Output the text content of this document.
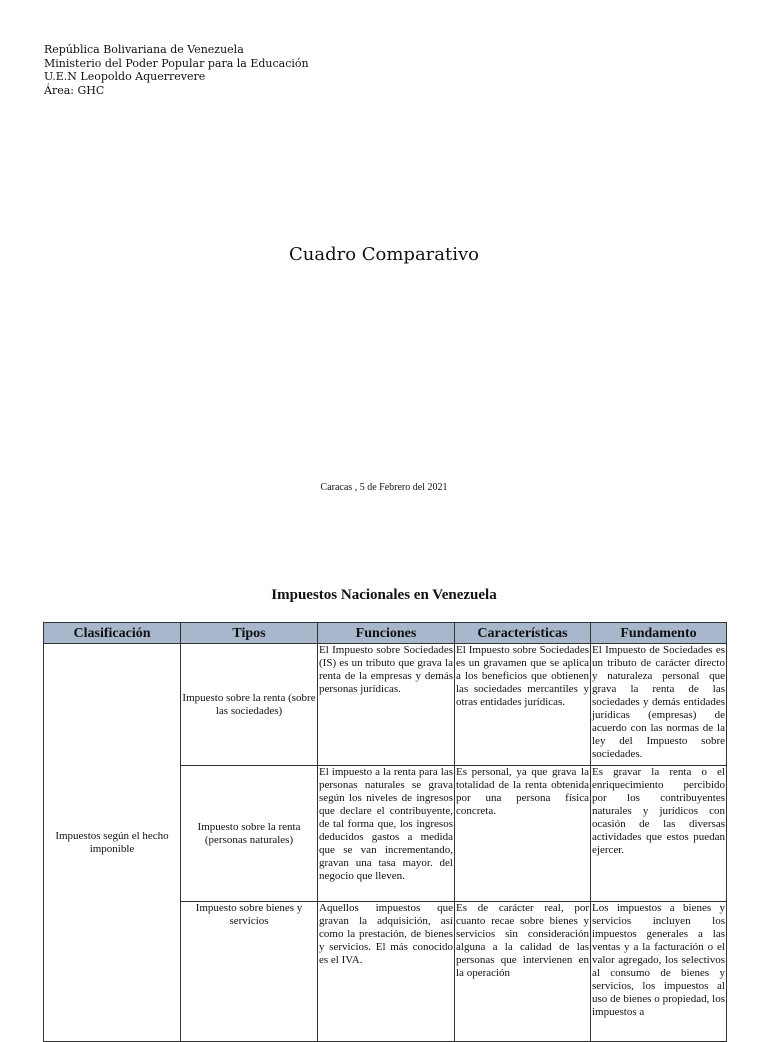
República Bolivariana de Venezuela
Ministerio del Poder Popular para la Educación
U.E.N Leopoldo Aquerrevere
Área: GHC
Cuadro Comparativo
Caracas , 5 de Febrero del 2021
Impuestos Nacionales en Venezuela
Clasificación	Tipos	Funciones	Características	Fundamento

Impuestos según el hecho imponible	Impuesto sobre la renta (sobre las sociedades)	El Impuesto sobre Sociedades (IS) es un tributo que grava la renta de la empresas y demás personas jurídicas.	El Impuesto sobre Sociedades es un gravamen que se aplica a los beneficios que obtienen las sociedades mercantiles y otras entidades jurídicas.	El Impuesto de Sociedades es un tributo de carácter directo y naturaleza personal que grava la renta de las sociedades y demás entidades jurídicas (empresas) de acuerdo con las normas de la ley del Impuesto sobre sociedades.

	Impuesto sobre la renta (personas naturales)	El impuesto a la renta para las personas naturales se grava según los niveles de ingresos que declare el contribuyente, de tal forma que, los ingresos deducidos gastos a medida que se van incrementando, gravan una tasa mayor. del negocio que lleven.	Es personal, ya que grava la totalidad de la renta obtenida por una persona física concreta.	Es gravar la renta o el enriquecimiento percibido por los contribuyentes naturales y jurídicos con ocasión de las diversas actividades que estos puedan ejercer.

	Impuesto sobre bienes y servicios	Aquellos impuestos que gravan la adquisición, así como la prestación, de bienes y servicios. El más conocido es el IVA.	Es de carácter real, por cuanto recae sobre bienes y servicios sin consideración alguna a la calidad de las personas que intervienen en la operación	Los impuestos a bienes y servicios incluyen los impuestos generales a las ventas y a la facturación o el valor agregado, los selectivos al consumo de bienes y servicios, los impuestos al uso de bienes o propiedad, los impuestos a
